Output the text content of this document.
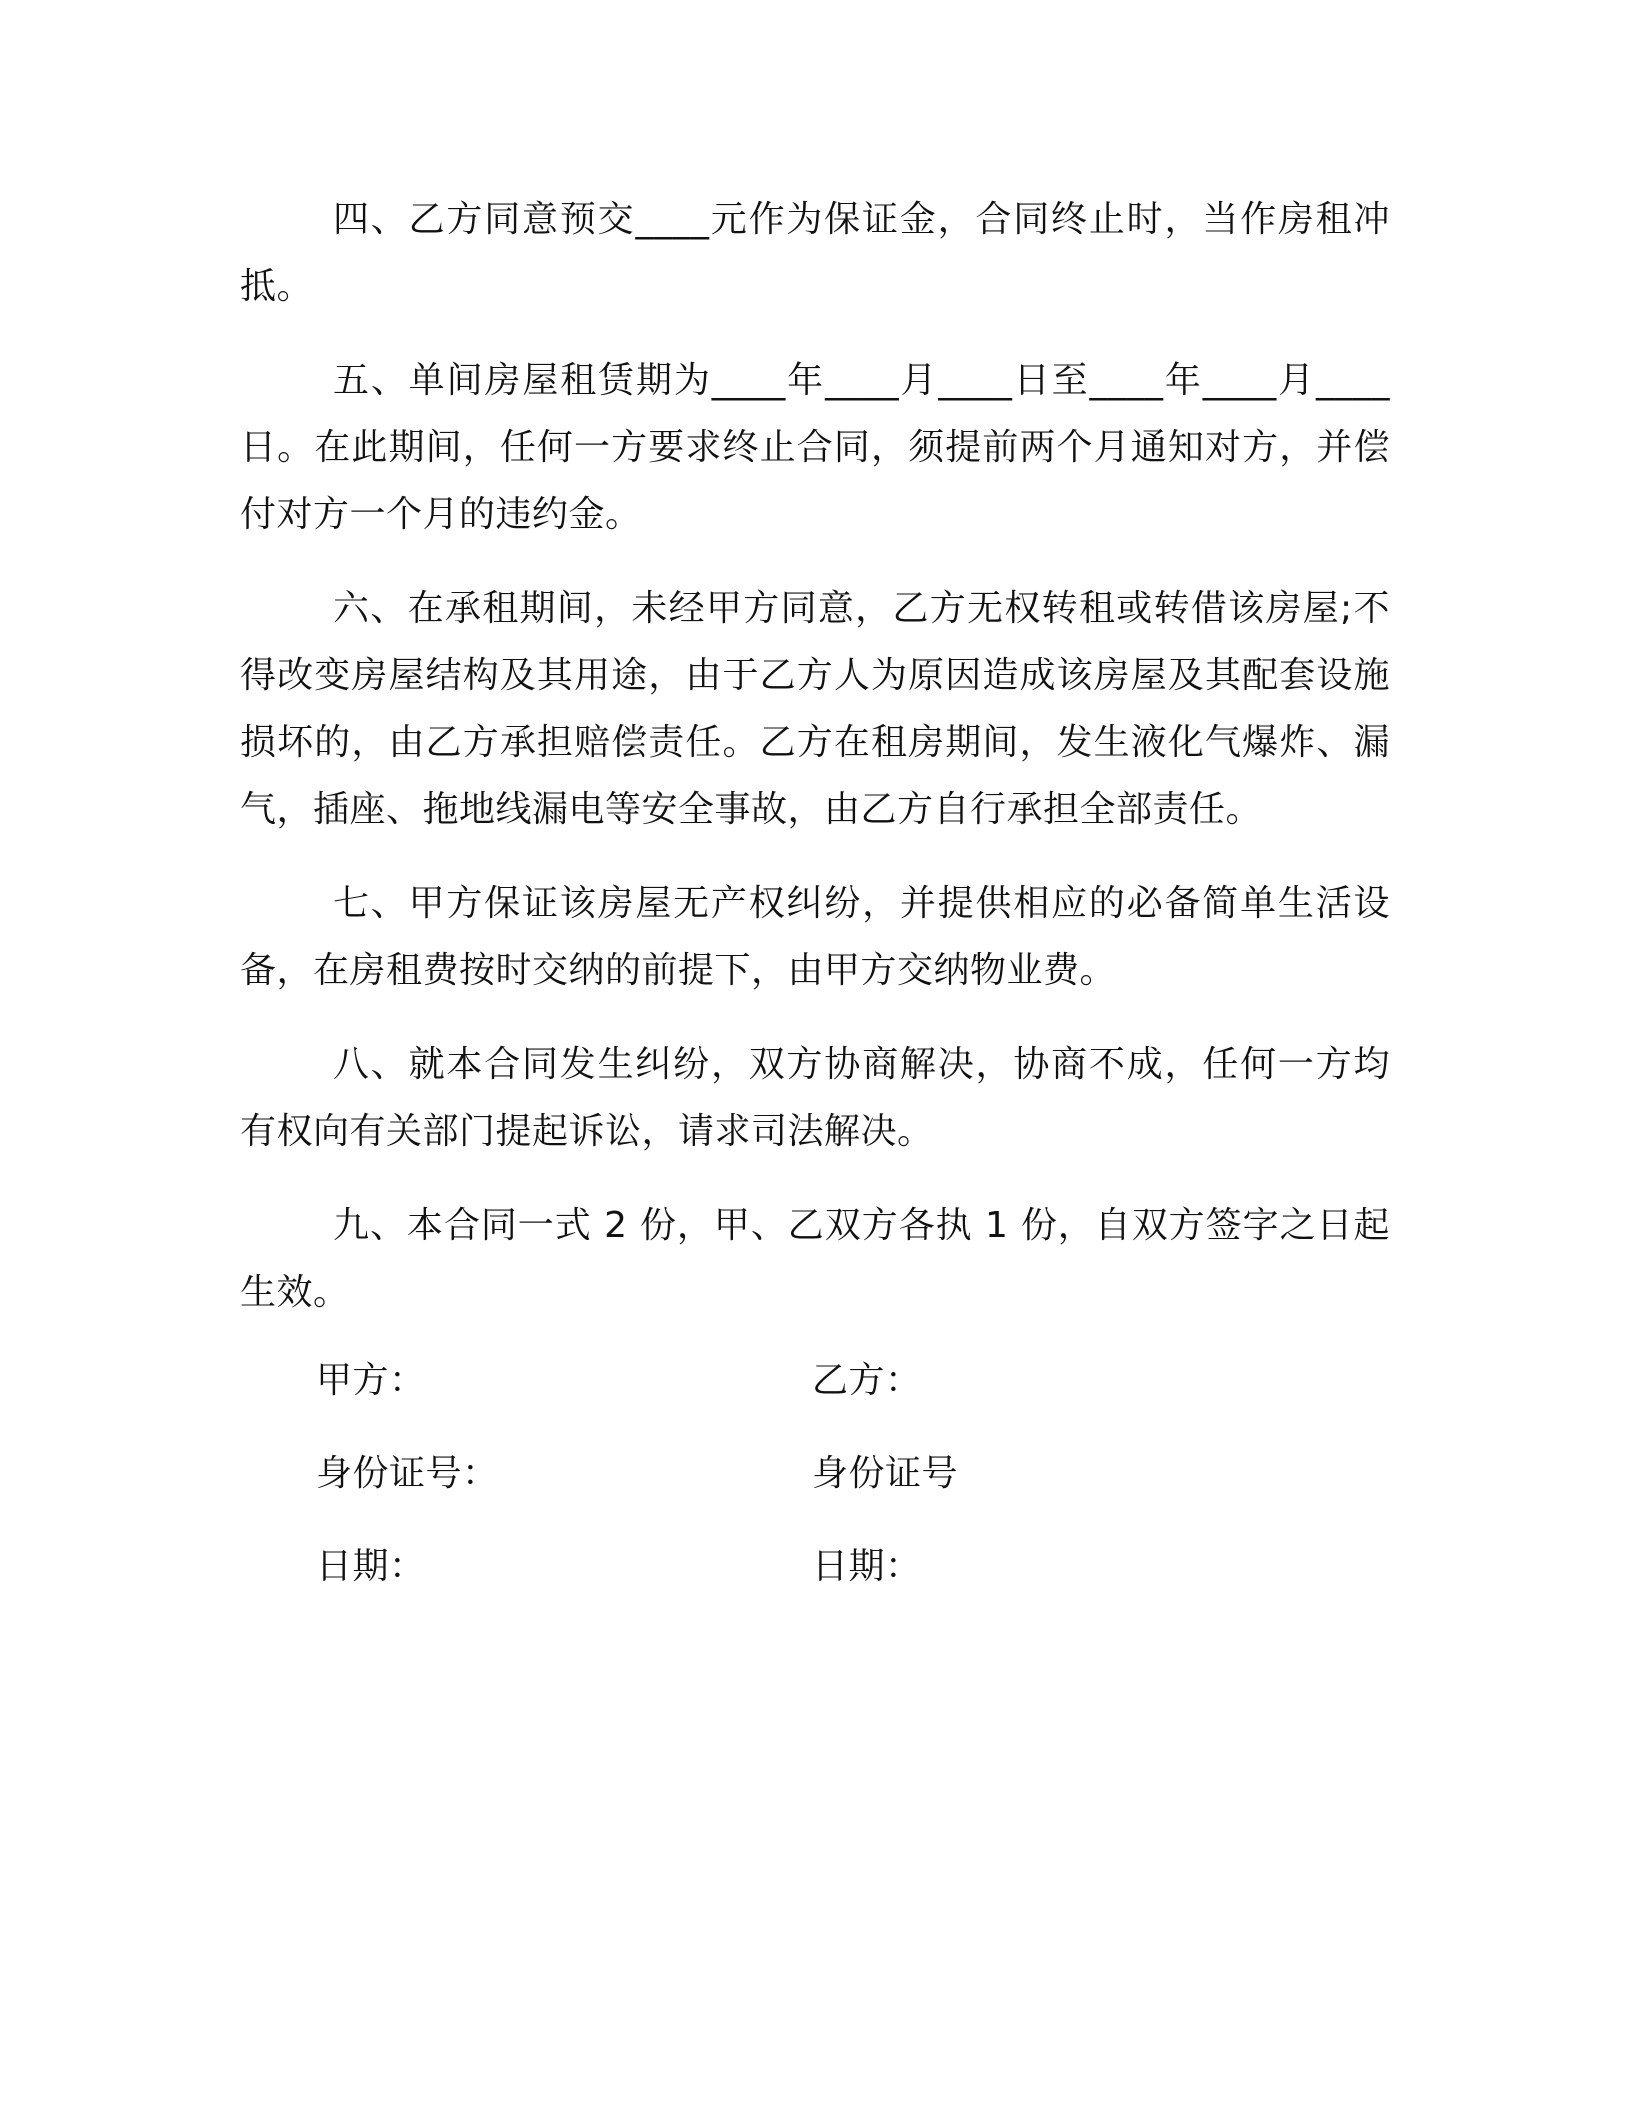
四、乙方同意预交____元作为保证金，合同终止时，当作房租冲抵。

五、单间房屋租赁期为____年____月____日至____年____月____日。在此期间，任何一方要求终止合同，须提前两个月通知对方，并偿付对方一个月的违约金。

六、在承租期间，未经甲方同意，乙方无权转租或转借该房屋;不得改变房屋结构及其用途，由于乙方人为原因造成该房屋及其配套设施损坏的，由乙方承担赔偿责任。乙方在租房期间，发生液化气爆炸、漏气，插座、拖地线漏电等安全事故，由乙方自行承担全部责任。

七、甲方保证该房屋无产权纠纷，并提供相应的必备简单生活设备，在房租费按时交纳的前提下，由甲方交纳物业费。

八、就本合同发生纠纷，双方协商解决，协商不成，任何一方均有权向有关部门提起诉讼，请求司法解决。

九、本合同一式 2 份，甲、乙双方各执 1 份，自双方签字之日起生效。

甲方：	乙方：
身份证号：	身份证号
日期：	日期：
